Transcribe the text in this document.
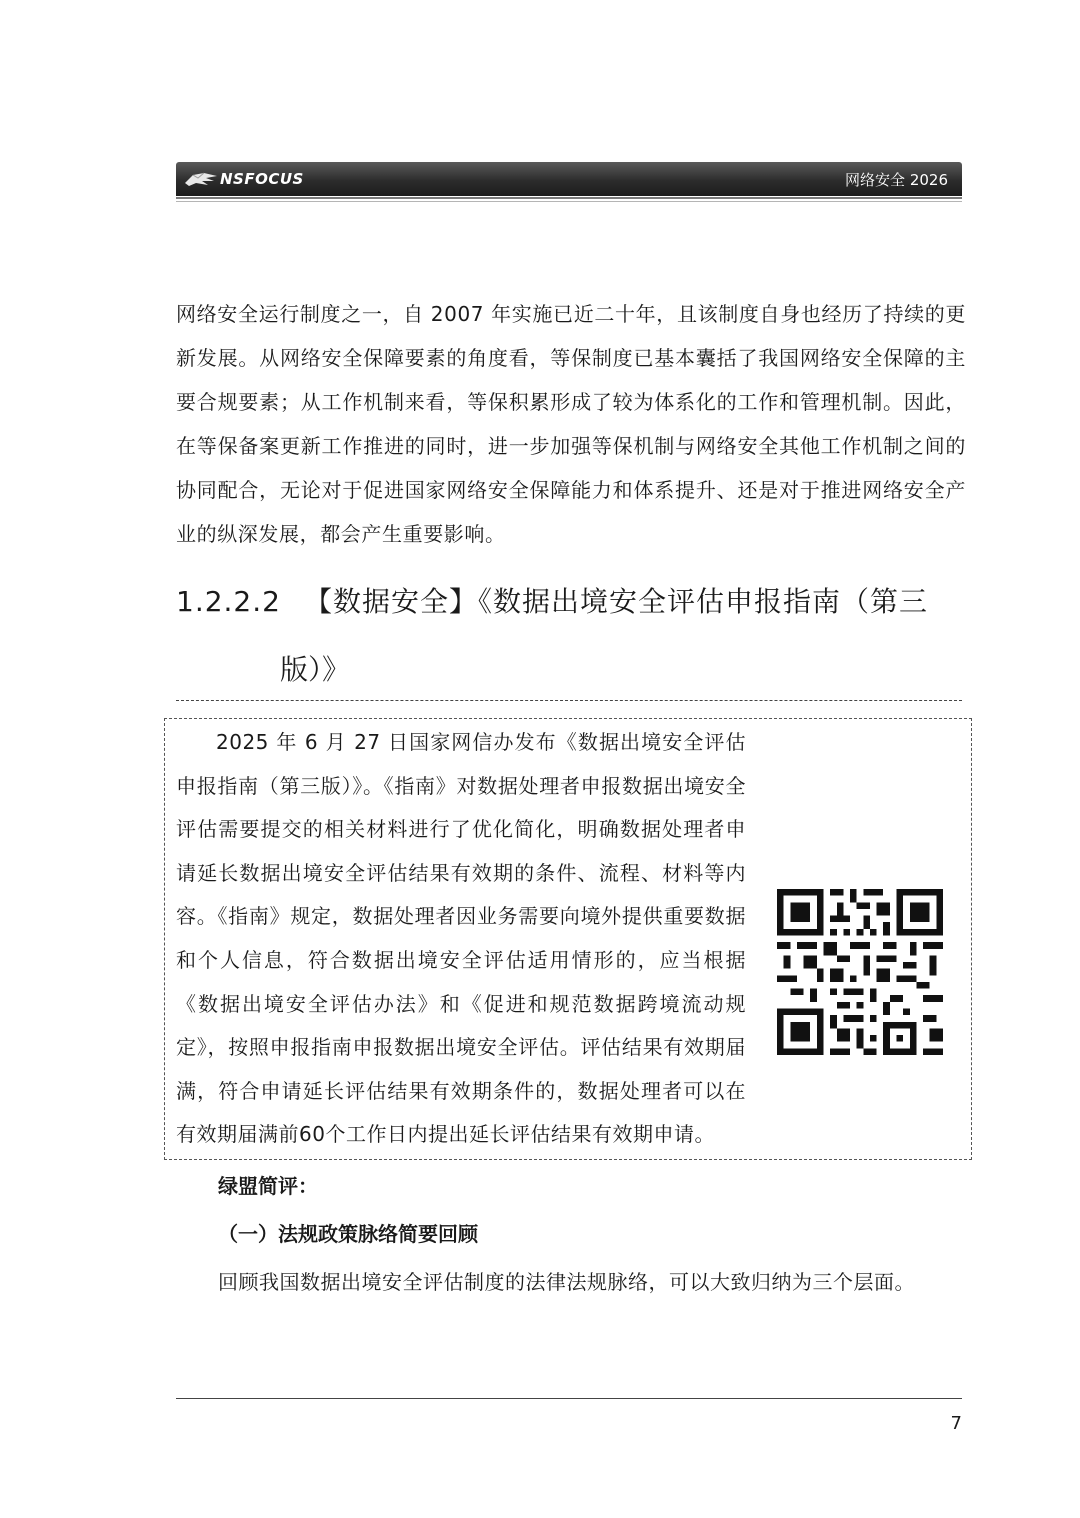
NSFOCUS	网络安全 2026

网络安全运行制度之一，自 2007 年实施已近二十年，且该制度自身也经历了持续的更新发展。从网络安全保障要素的角度看，等保制度已基本囊括了我国网络安全保障的主要合规要素；从工作机制来看，等保积累形成了较为体系化的工作和管理机制。因此，在等保备案更新工作推进的同时，进一步加强等保机制与网络安全其他工作机制之间的协同配合，无论对于促进国家网络安全保障能力和体系提升、还是对于推进网络安全产业的纵深发展，都会产生重要影响。

1.2.2.2 【数据安全】《数据出境安全评估申报指南（第三
版）》

2025 年 6 月 27 日国家网信办发布《数据出境安全评估申报指南（第三版）》。《指南》对数据处理者申报数据出境安全评估需要提交的相关材料进行了优化简化，明确数据处理者申请延长数据出境安全评估结果有效期的条件、流程、材料等内容。《指南》规定，数据处理者因业务需要向境外提供重要数据和个人信息，符合数据出境安全评估适用情形的，应当根据《数据出境安全评估办法》和《促进和规范数据跨境流动规定》，按照申报指南申报数据出境安全评估。评估结果有效期届满，符合申请延长评估结果有效期条件的，数据处理者可以在有效期届满前60个工作日内提出延长评估结果有效期申请。

绿盟简评：

（一）法规政策脉络简要回顾

回顾我国数据出境安全评估制度的法律法规脉络，可以大致归纳为三个层面。

7
